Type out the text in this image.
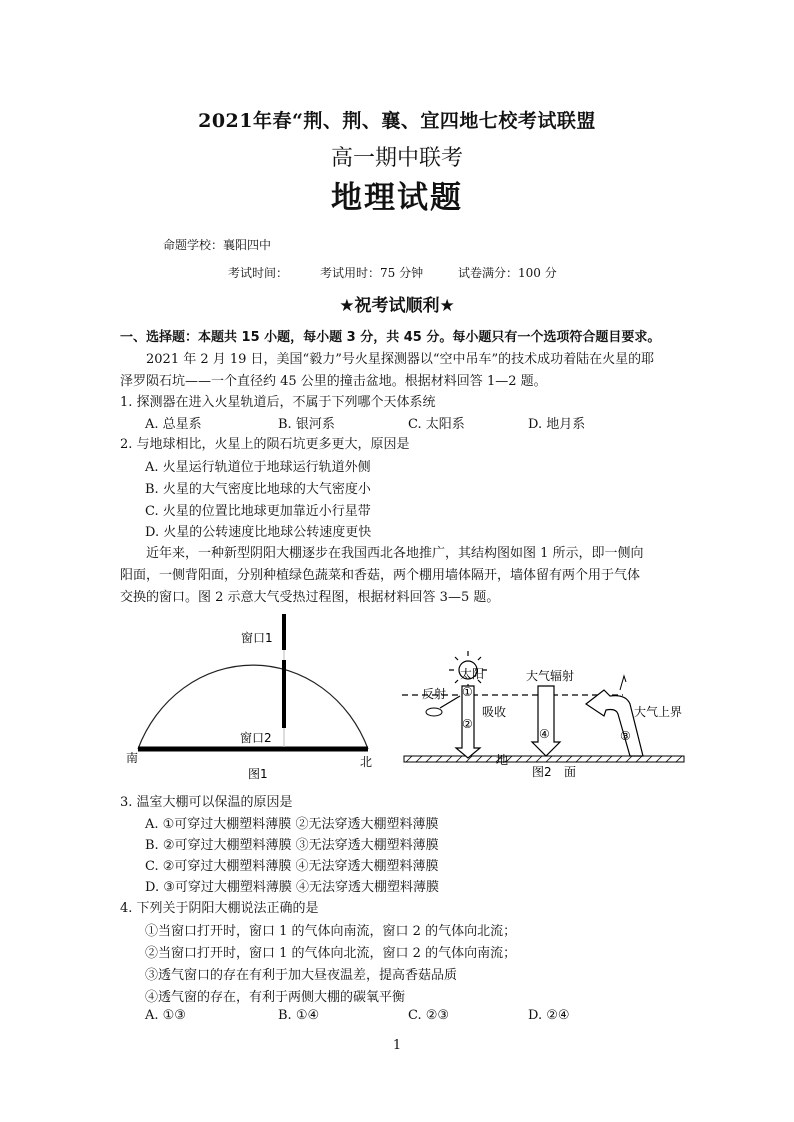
2021年春“荆、荆、襄、宜四地七校考试联盟
高一期中联考
地理试题
命题学校：襄阳四中
考试时间：	考试用时：75 分钟	试卷满分：100 分
★祝考试顺利★
一、选择题：本题共 15 小题，每小题 3 分，共 45 分。每小题只有一个选项符合题目要求。
2021 年 2 月 19 日，美国“毅力”号火星探测器以“空中吊车”的技术成功着陆在火星的耶
泽罗陨石坑——一个直径约 45 公里的撞击盆地。根据材料回答 1—2 题。
1. 探测器在进入火星轨道后，不属于下列哪个天体系统
A. 总星系	B. 银河系	C. 太阳系	D. 地月系
2. 与地球相比，火星上的陨石坑更多更大，原因是
A. 火星运行轨道位于地球运行轨道外侧
B. 火星的大气密度比地球的大气密度小
C. 火星的位置比地球更加靠近小行星带
D. 火星的公转速度比地球公转速度更快
近年来，一种新型阴阳大棚逐步在我国西北各地推广，其结构图如图 1 所示，即一侧向
阳面，一侧背阳面，分别种植绿色蔬菜和香菇，两个棚用墙体隔开，墙体留有两个用于气体
交换的窗口。图 2 示意大气受热过程图，根据材料回答 3—5 题。
窗口1
窗口2
南	北
图1
太阳
①
②
反射
吸收
大气辐射
④	③
大气上界
地
面
图2
3. 温室大棚可以保温的原因是
A. ①可穿过大棚塑料薄膜 ②无法穿透大棚塑料薄膜
B. ②可穿过大棚塑料薄膜 ③无法穿透大棚塑料薄膜
C. ②可穿过大棚塑料薄膜 ④无法穿透大棚塑料薄膜
D. ③可穿过大棚塑料薄膜 ④无法穿透大棚塑料薄膜
4. 下列关于阴阳大棚说法正确的是
①当窗口打开时，窗口 1 的气体向南流，窗口 2 的气体向北流；
②当窗口打开时，窗口 1 的气体向北流，窗口 2 的气体向南流；
③透气窗口的存在有利于加大昼夜温差，提高香菇品质
④透气窗的存在，有利于两侧大棚的碳氧平衡
A. ①③	B. ①④	C. ②③	D. ②④
1
